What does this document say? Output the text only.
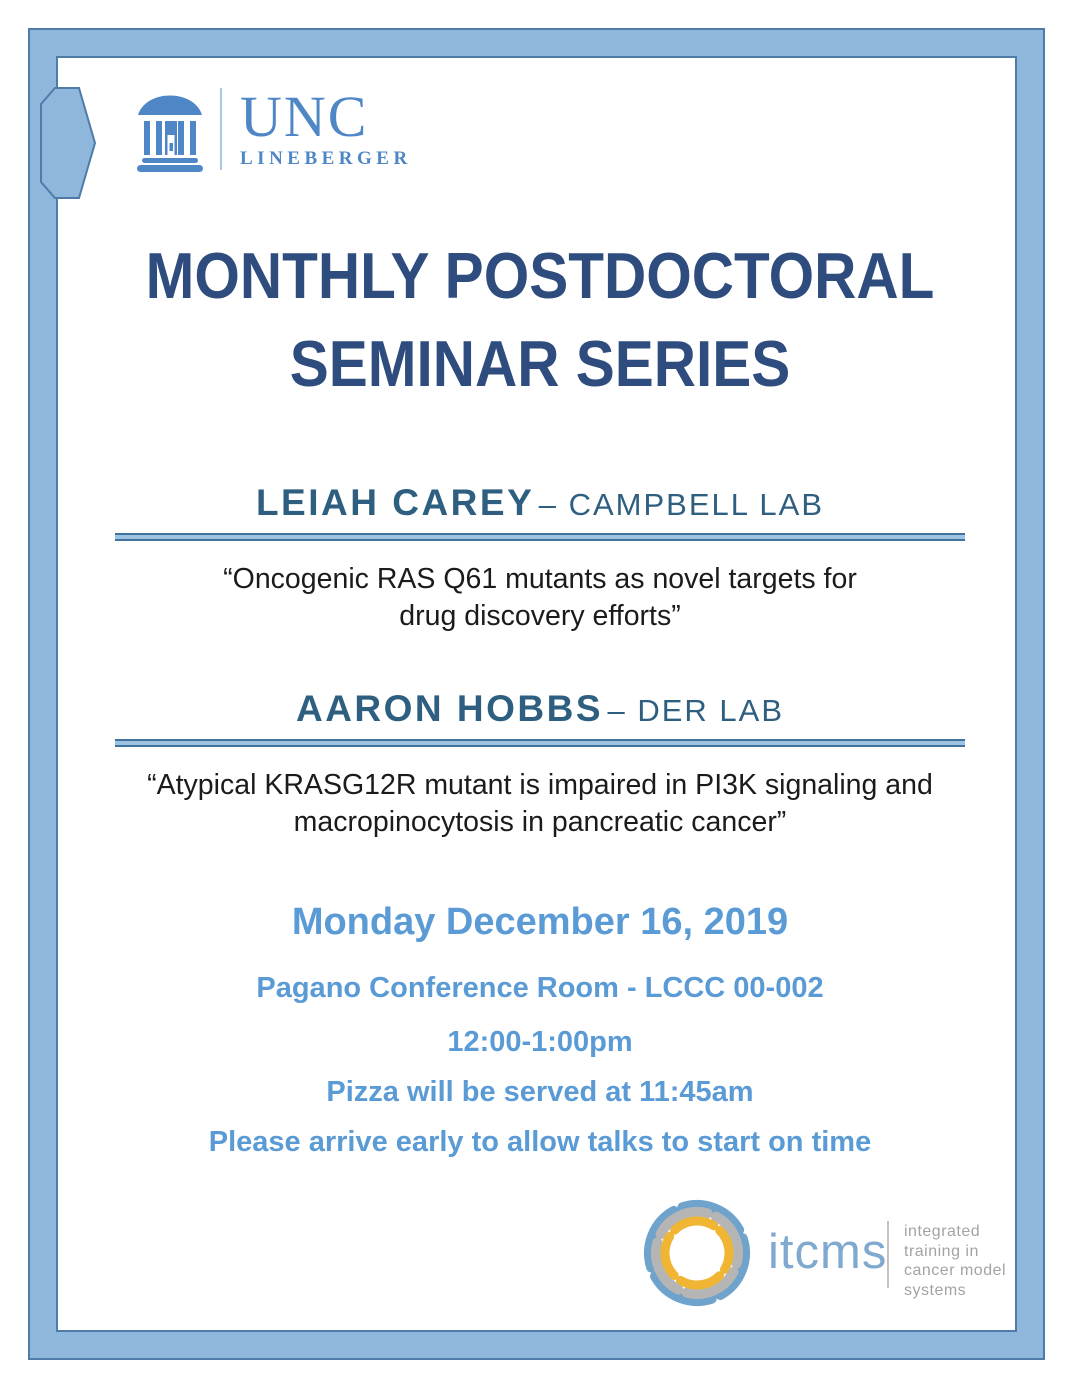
UNC
LINEBERGER
MONTHLY POSTDOCTORAL
SEMINAR SERIES
LEIAH CAREY – CAMPBELL LAB
“Oncogenic RAS Q61 mutants as novel targets for
drug discovery efforts”
AARON HOBBS – DER LAB
“Atypical KRASG12R mutant is impaired in PI3K signaling and
macropinocytosis in pancreatic cancer”
Monday December 16, 2019
Pagano Conference Room - LCCC 00-002
12:00-1:00pm
Pizza will be served at 11:45am
Please arrive early to allow talks to start on time
itcms integrated
training in
cancer model
systems
